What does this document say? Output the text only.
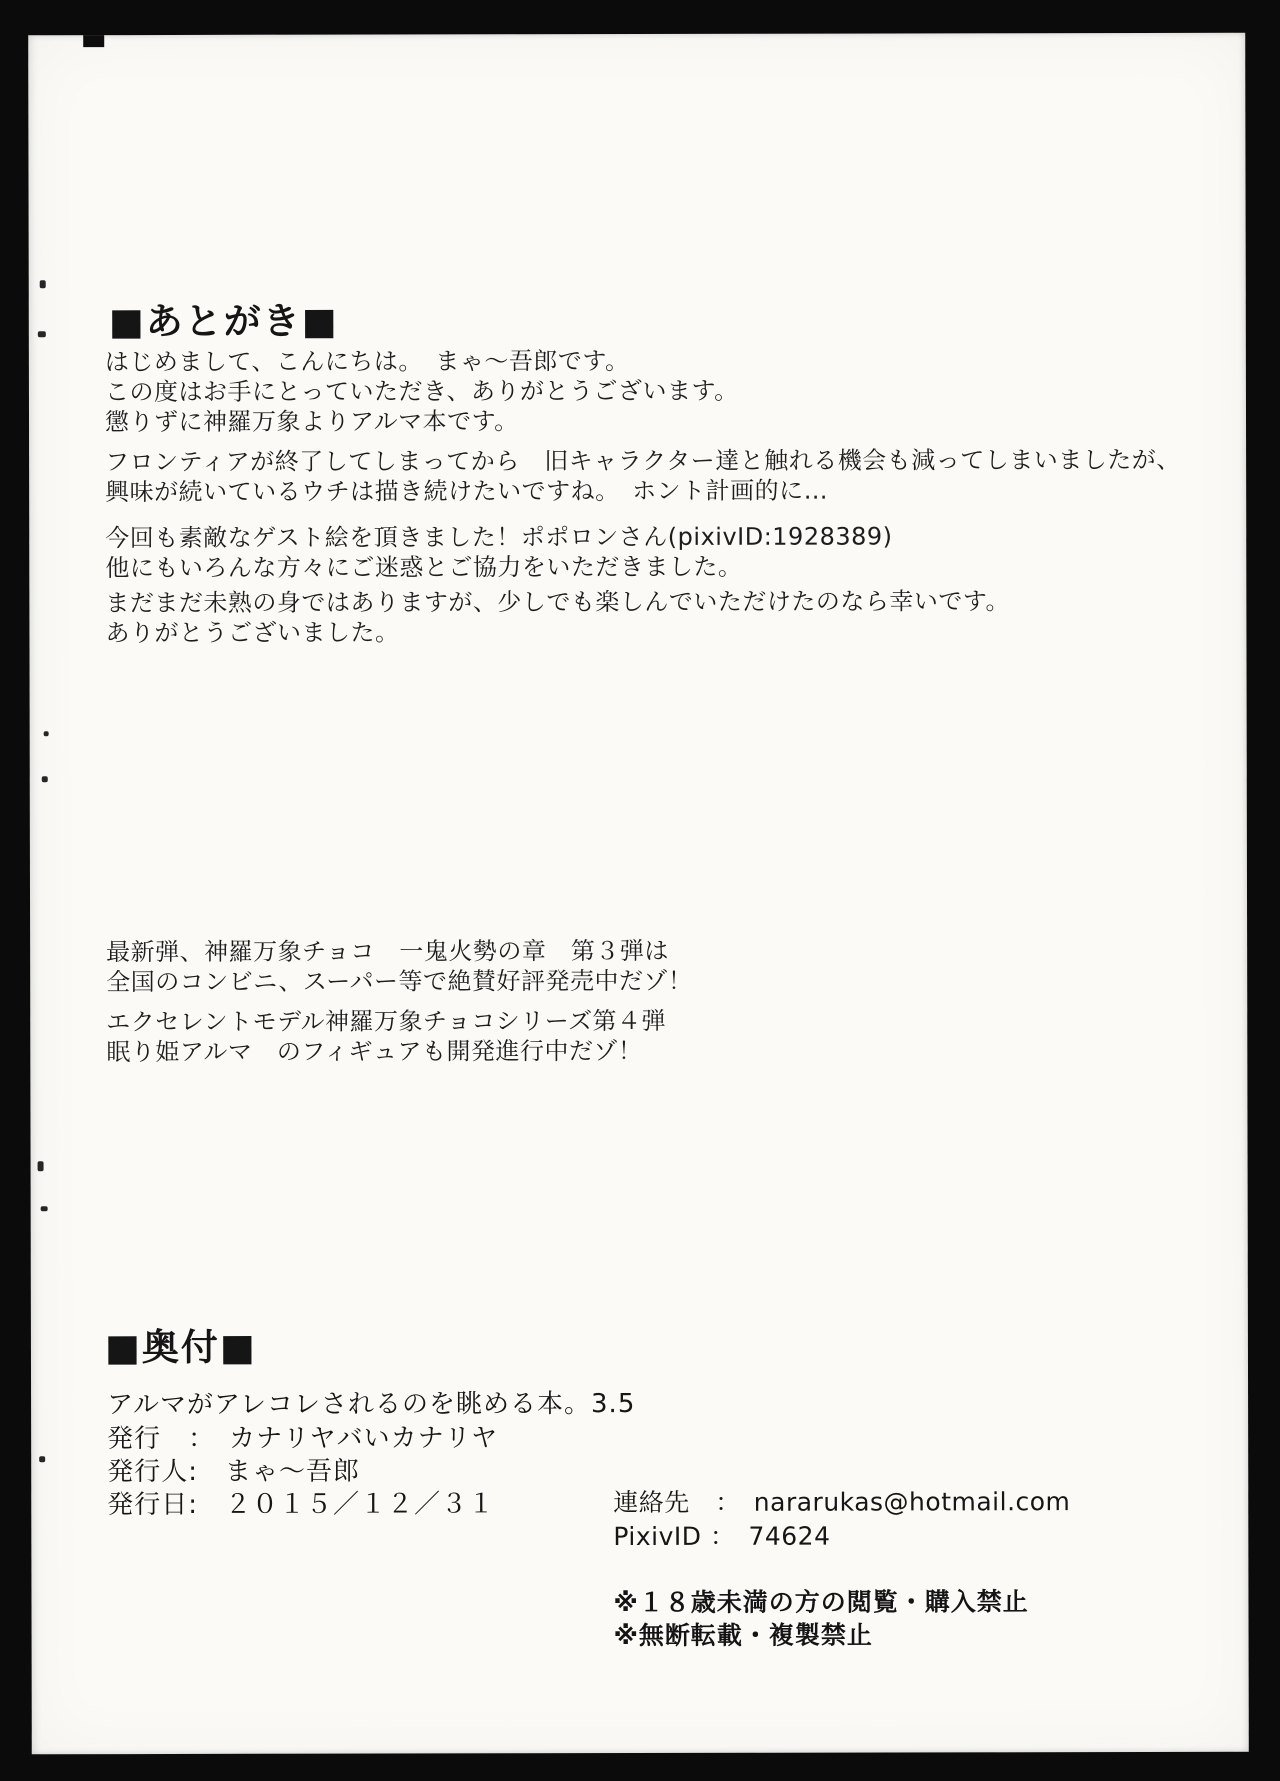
■あとがき■
はじめまして、こんにちは。　まゃ～吾郎です。
この度はお手にとっていただき、ありがとうございます。
懲りずに神羅万象よりアルマ本です。
フロンティアが終了してしまってから　旧キャラクター達と触れる機会も減ってしまいましたが、
興味が続いているウチは描き続けたいですね。　ホント計画的に…
今回も素敵なゲスト絵を頂きました！ポポロンさん(pixivID:1928389)
他にもいろんな方々にご迷惑とご協力をいただきました。
まだまだ未熟の身ではありますが、少しでも楽しんでいただけたのなら幸いです。
ありがとうございました。
最新弾、神羅万象チョコ　一鬼火勢の章　第３弾は
全国のコンビニ、スーパー等で絶賛好評発売中だゾ！
エクセレントモデル神羅万象チョコシリーズ第４弾
眠り姫アルマ　のフィギュアも開発進行中だゾ！
■奥付■
アルマがアレコレされるのを眺める本。3.5
発行　：　カナリヤバいカナリヤ
発行人:　まゃ～吾郎
発行日:　２０１５／１２／３１	連絡先　：　nararukas@hotmail.com
PixivID ：　74624
※１８歳未満の方の閲覧・購入禁止
※無断転載・複製禁止
